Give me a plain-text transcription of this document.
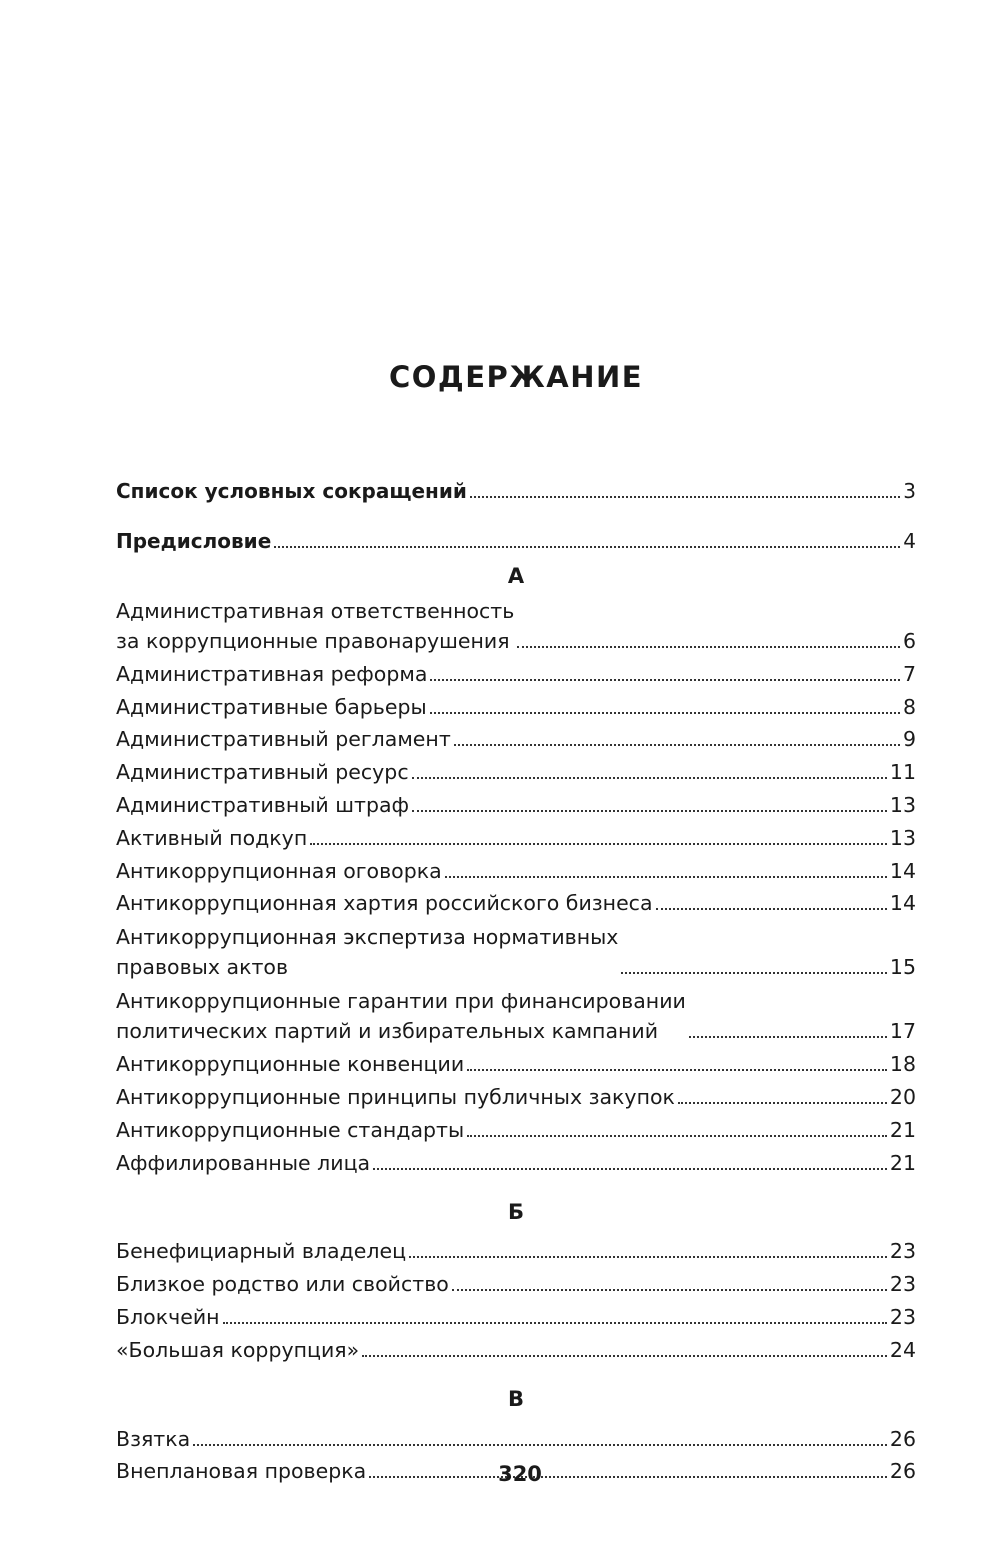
СОДЕРЖАНИЕ
Список условных сокращений	3
Предисловие	4
А
Административная ответственность
за коррупционные правонарушения	6
Административная реформа	7
Административные барьеры	8
Административный регламент	9
Административный ресурс	11
Административный штраф	13
Активный подкуп	13
Антикоррупционная оговорка	14
Антикоррупционная хартия российского бизнеса	14
Антикоррупционная экспертиза нормативных
правовых актов	15
Антикоррупционные гарантии при финансировании
политических партий и избирательных кампаний	17
Антикоррупционные конвенции	18
Антикоррупционные принципы публичных закупок	20
Антикоррупционные стандарты	21
Аффилированные лица	21
Б
Бенефициарный владелец	23
Близкое родство или свойство	23
Блокчейн	23
«Большая коррупция»	24
В
Взятка	26
Внеплановая проверка	26
320
